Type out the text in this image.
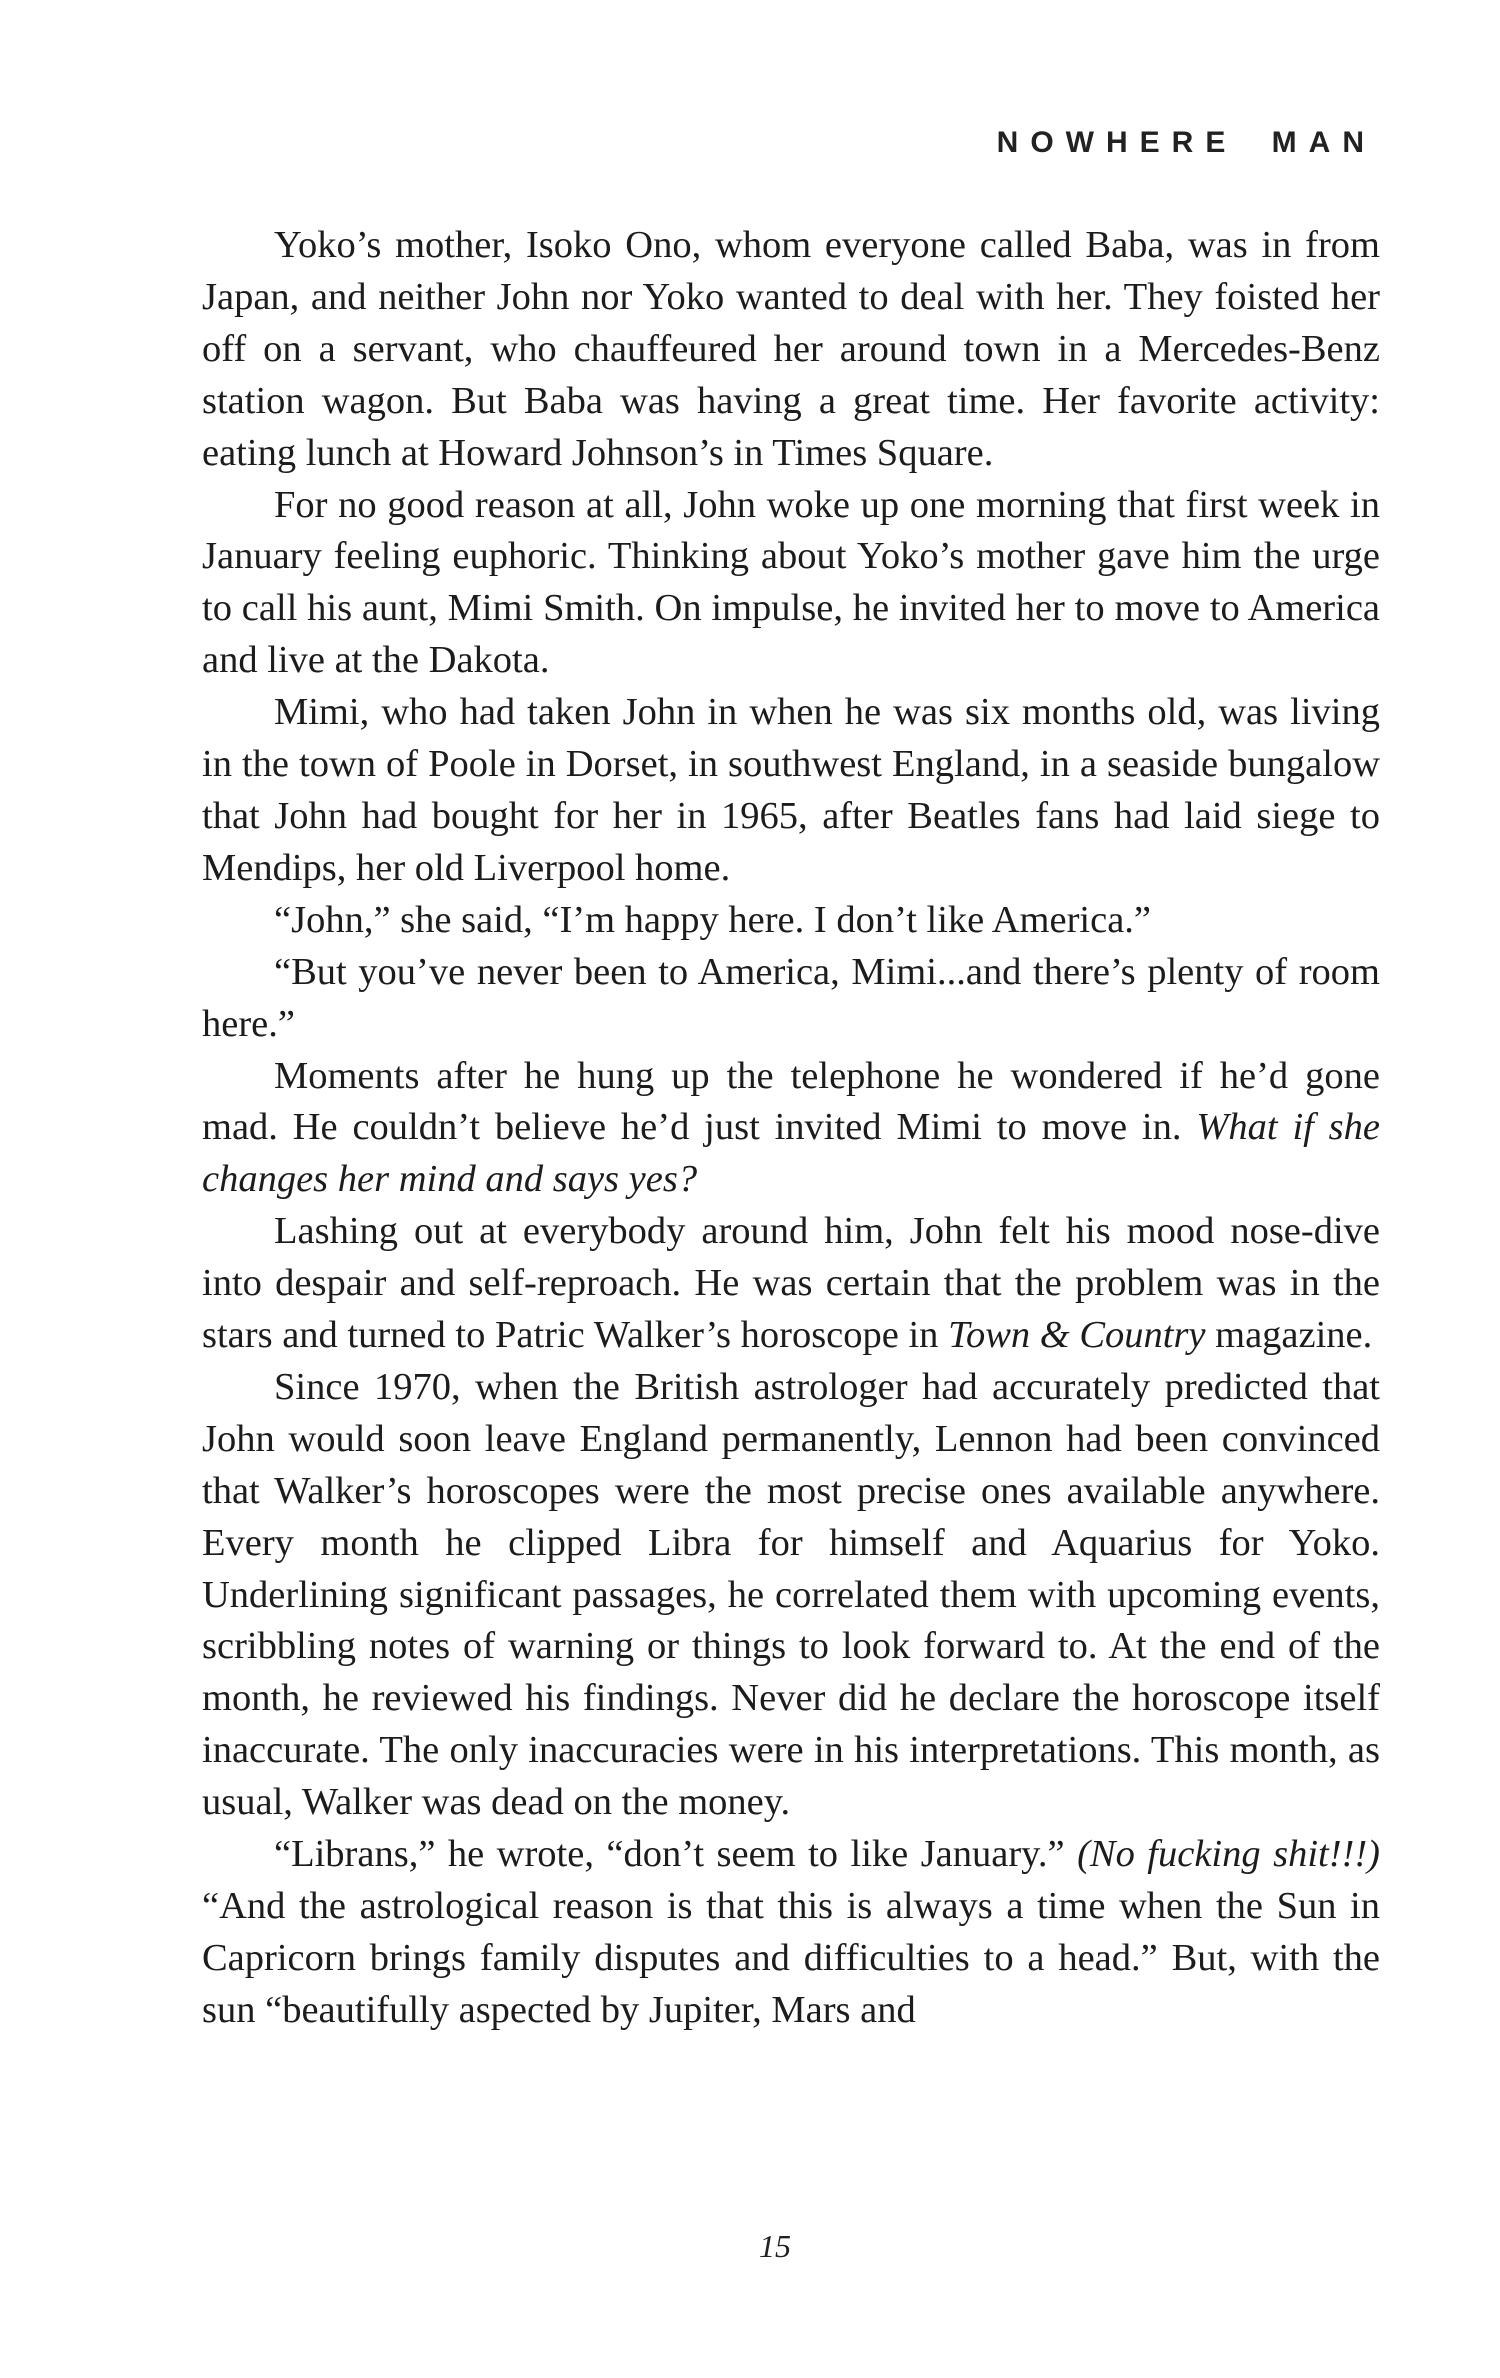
NOWHERE MAN

Yoko’s mother, Isoko Ono, whom everyone called Baba, was in from Japan, and neither John nor Yoko wanted to deal with her. They foisted her off on a servant, who chauffeured her around town in a Mercedes-Benz station wagon. But Baba was having a great time. Her favorite activity: eating lunch at Howard Johnson’s in Times Square.

For no good reason at all, John woke up one morning that first week in January feeling euphoric. Thinking about Yoko’s mother gave him the urge to call his aunt, Mimi Smith. On impulse, he invited her to move to America and live at the Dakota.

Mimi, who had taken John in when he was six months old, was living in the town of Poole in Dorset, in southwest England, in a seaside bungalow that John had bought for her in 1965, after Beatles fans had laid siege to Mendips, her old Liverpool home.

“John,” she said, “I’m happy here. I don’t like America.”

“But you’ve never been to America, Mimi...and there’s plenty of room here.”

Moments after he hung up the telephone he wondered if he’d gone mad. He couldn’t believe he’d just invited Mimi to move in. What if she changes her mind and says yes?

Lashing out at everybody around him, John felt his mood nose-dive into despair and self-reproach. He was certain that the problem was in the stars and turned to Patric Walker’s horoscope in Town & Country magazine.

Since 1970, when the British astrologer had accurately predicted that John would soon leave England permanently, Lennon had been convinced that Walker’s horoscopes were the most precise ones available anywhere. Every month he clipped Libra for himself and Aquarius for Yoko. Underlining significant passages, he correlated them with upcoming events, scribbling notes of warning or things to look forward to. At the end of the month, he reviewed his findings. Never did he declare the horoscope itself inaccurate. The only inaccuracies were in his interpretations. This month, as usual, Walker was dead on the money.

“Librans,” he wrote, “don’t seem to like January.” (No fucking shit!!!) “And the astrological reason is that this is always a time when the Sun in Capricorn brings family disputes and difficulties to a head.” But, with the sun “beautifully aspected by Jupiter, Mars and

15
